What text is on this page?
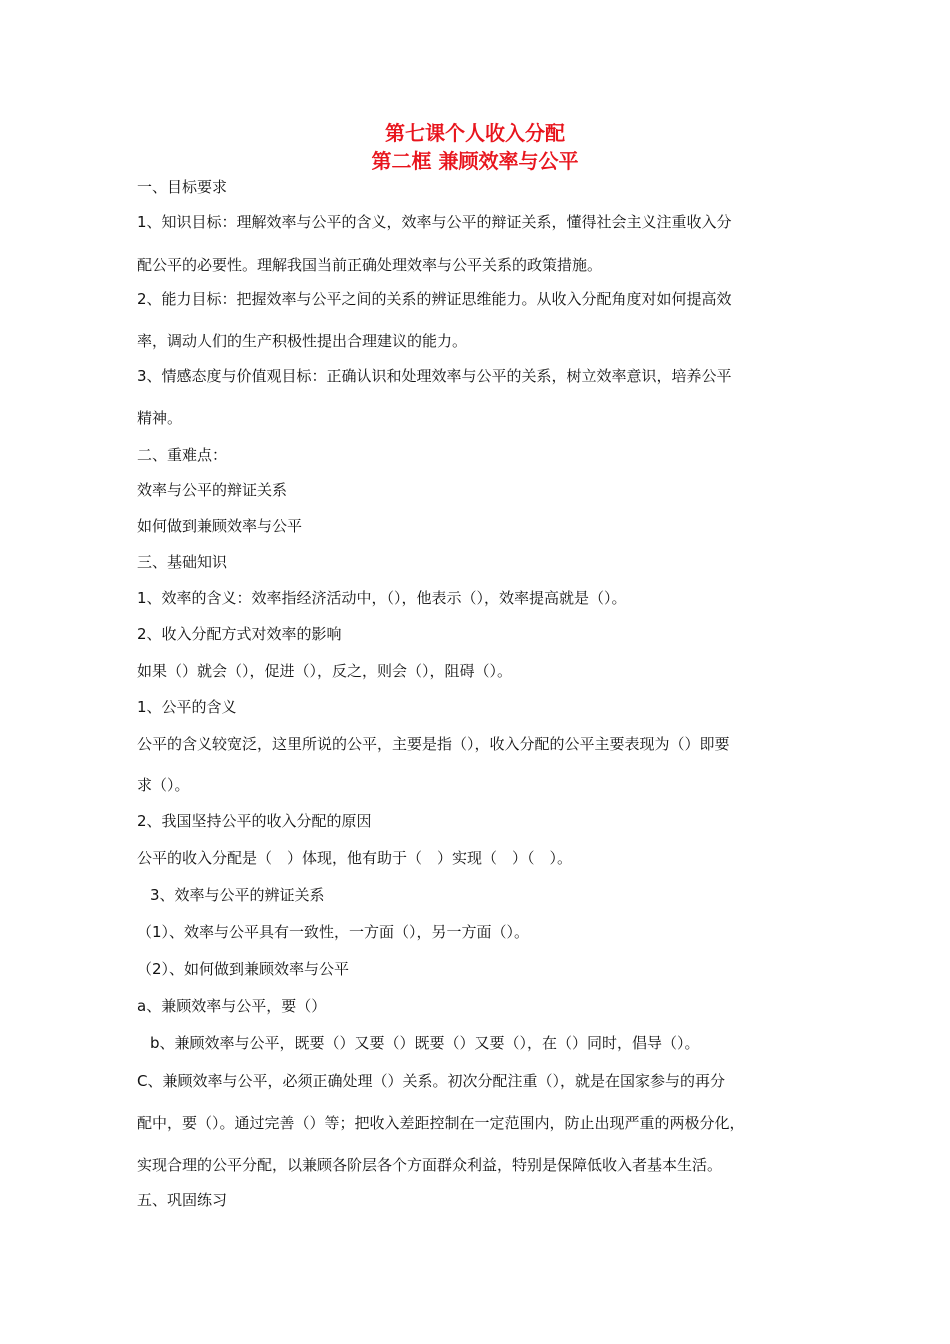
第七课个人收入分配
第二框 兼顾效率与公平

一、目标要求

1、知识目标：理解效率与公平的含义，效率与公平的辩证关系，懂得社会主义注重收入分

配公平的必要性。理解我国当前正确处理效率与公平关系的政策措施。

2、能力目标：把握效率与公平之间的关系的辨证思维能力。从收入分配角度对如何提高效

率，调动人们的生产积极性提出合理建议的能力。

3、情感态度与价值观目标：正确认识和处理效率与公平的关系，树立效率意识，培养公平

精神。

二、重难点：

效率与公平的辩证关系

如何做到兼顾效率与公平

三、基础知识

1、效率的含义：效率指经济活动中，（），他表示（），效率提高就是（）。

2、收入分配方式对效率的影响

如果（）就会（），促进（），反之，则会（），阻碍（）。

1、公平的含义

公平的含义较宽泛，这里所说的公平，主要是指（），收入分配的公平主要表现为（）即要

求（）。

2、我国坚持公平的收入分配的原因

公平的收入分配是（　）体现，他有助于（　）实现（　）（　）。

3、效率与公平的辨证关系

（1）、效率与公平具有一致性，一方面（），另一方面（）。

（2）、如何做到兼顾效率与公平

a、兼顾效率与公平，要（）

b、兼顾效率与公平，既要（）又要（）既要（）又要（），在（）同时，倡导（）。

C、兼顾效率与公平，必须正确处理（）关系。初次分配注重（），就是在国家参与的再分

配中，要（）。通过完善（）等；把收入差距控制在一定范围内，防止出现严重的两极分化，

实现合理的公平分配，以兼顾各阶层各个方面群众利益，特别是保障低收入者基本生活。

五、巩固练习
